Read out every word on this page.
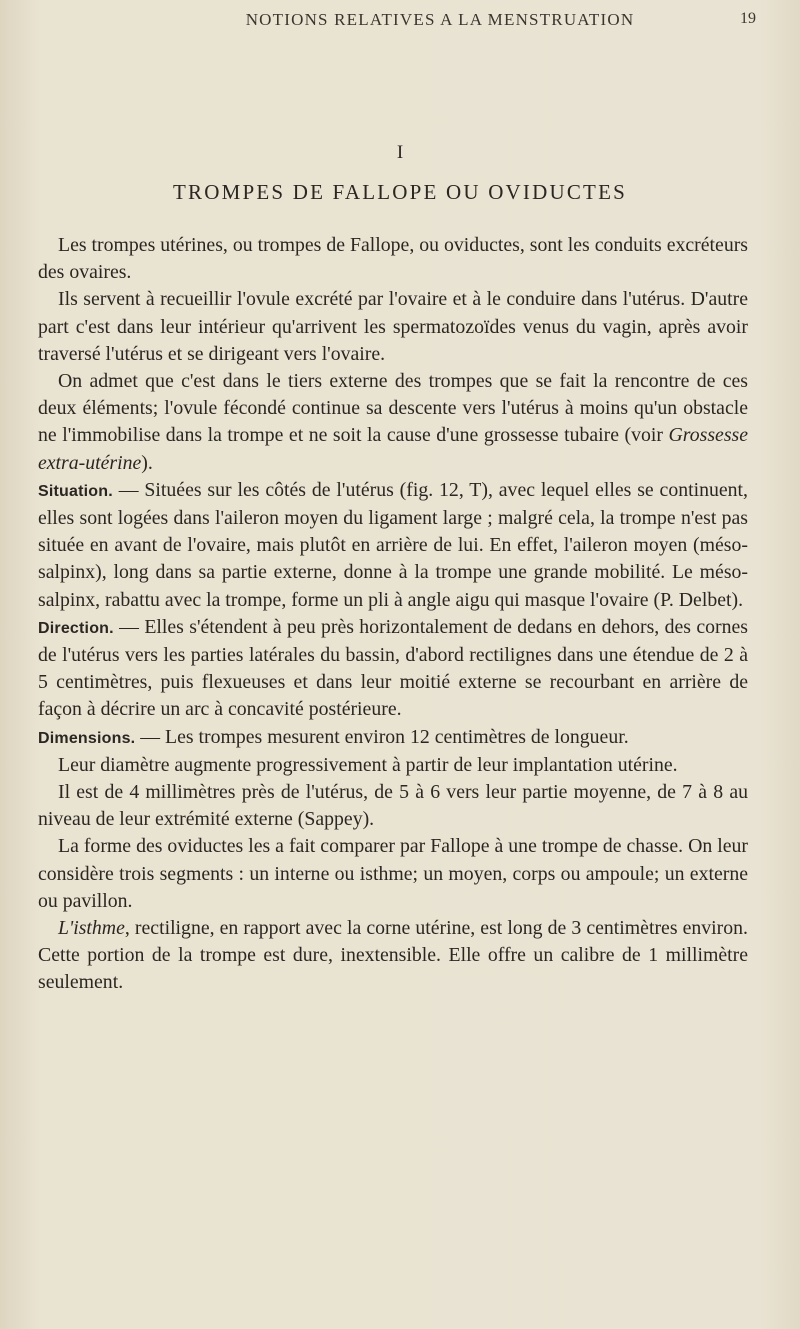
NOTIONS RELATIVES A LA MENSTRUATION	19
I
TROMPES DE FALLOPE OU OVIDUCTES

Les trompes utérines, ou trompes de Fallope, ou oviductes, sont les conduits excréteurs des ovaires.

Ils servent à recueillir l'ovule excrété par l'ovaire et à le conduire dans l'utérus. D'autre part c'est dans leur intérieur qu'arrivent les spermatozoïdes venus du vagin, après avoir traversé l'utérus et se dirigeant vers l'ovaire.

On admet que c'est dans le tiers externe des trompes que se fait la rencontre de ces deux éléments; l'ovule fécondé continue sa descente vers l'utérus à moins qu'un obstacle ne l'immobilise dans la trompe et ne soit la cause d'une grossesse tubaire (voir Grossesse extra-utérine).

Situation. — Situées sur les côtés de l'utérus (fig. 12, T), avec lequel elles se continuent, elles sont logées dans l'aileron moyen du ligament large ; malgré cela, la trompe n'est pas située en avant de l'ovaire, mais plutôt en arrière de lui. En effet, l'aileron moyen (méso-salpinx), long dans sa partie externe, donne à la trompe une grande mobilité. Le méso-salpinx, rabattu avec la trompe, forme un pli à angle aigu qui masque l'ovaire (P. Delbet).

Direction. — Elles s'étendent à peu près horizontalement de dedans en dehors, des cornes de l'utérus vers les parties latérales du bassin, d'abord rectilignes dans une étendue de 2 à 5 centimètres, puis flexueuses et dans leur moitié externe se recourbant en arrière de façon à décrire un arc à concavité postérieure.

Dimensions. — Les trompes mesurent environ 12 centimètres de longueur.

Leur diamètre augmente progressivement à partir de leur implantation utérine.

Il est de 4 millimètres près de l'utérus, de 5 à 6 vers leur partie moyenne, de 7 à 8 au niveau de leur extrémité externe (Sappey).

La forme des oviductes les a fait comparer par Fallope à une trompe de chasse. On leur considère trois segments : un interne ou isthme; un moyen, corps ou ampoule; un externe ou pavillon.

L'isthme, rectiligne, en rapport avec la corne utérine, est long de 3 centimètres environ. Cette portion de la trompe est dure, inextensible. Elle offre un calibre de 1 millimètre seulement.
